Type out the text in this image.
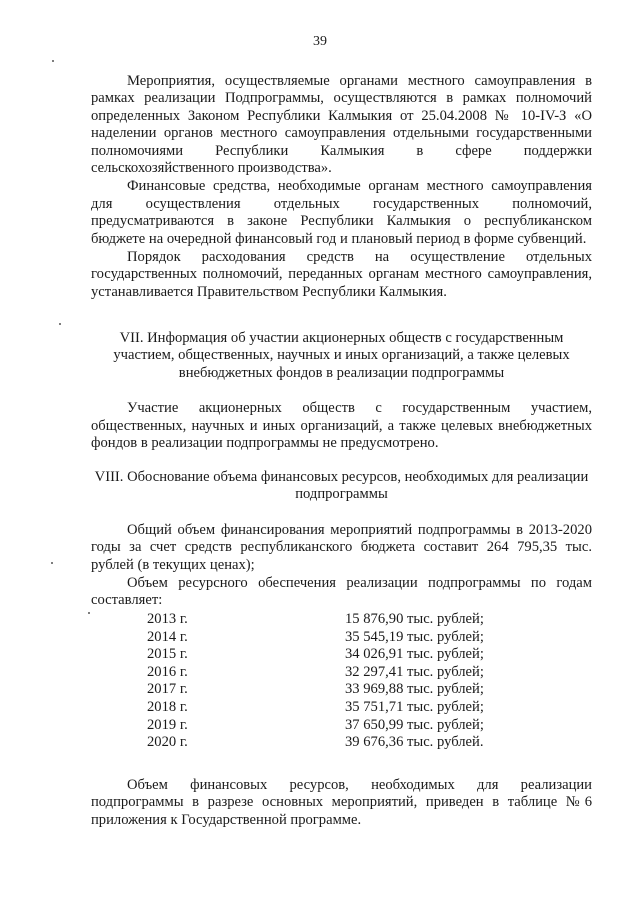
39

Мероприятия, осуществляемые органами местного самоуправления в рамках реализации Подпрограммы, осуществляются в рамках полномочий определенных Законом Республики Калмыкия от 25.04.2008 № 10-IV-З «О наделении органов местного самоуправления отдельными государственными полномочиями Республики Калмыкия в сфере поддержки сельскохозяйственного производства».

Финансовые средства, необходимые органам местного самоуправления для осуществления отдельных государственных полномочий, предусматриваются в законе Республики Калмыкия о республиканском бюджете на очередной финансовый год и плановый период в форме субвенций.

Порядок расходования средств на осуществление отдельных государственных полномочий, переданных органам местного самоуправления, устанавливается Правительством Республики Калмыкия.

VII. Информация об участии акционерных обществ с государственным участием, общественных, научных и иных организаций, а также целевых внебюджетных фондов в реализации подпрограммы

Участие акционерных обществ с государственным участием, общественных, научных и иных организаций, а также целевых внебюджетных фондов в реализации подпрограммы не предусмотрено.

VIII. Обоснование объема финансовых ресурсов, необходимых для реализации подпрограммы

Общий объем финансирования мероприятий подпрограммы в 2013-2020 годы за счет средств республиканского бюджета составит 264 795,35 тыс. рублей (в текущих ценах);

Объем ресурсного обеспечения реализации подпрограммы по годам составляет:

2013 г.	15 876,90 тыс. рублей;
2014 г.	35 545,19 тыс. рублей;
2015 г.	34 026,91 тыс. рублей;
2016 г.	32 297,41 тыс. рублей;
2017 г.	33 969,88 тыс. рублей;
2018 г.	35 751,71 тыс. рублей;
2019 г.	37 650,99 тыс. рублей;
2020 г.	39 676,36 тыс. рублей.

Объем финансовых ресурсов, необходимых для реализации подпрограммы в разрезе основных мероприятий, приведен в таблице №6 приложения к Государственной программе.
